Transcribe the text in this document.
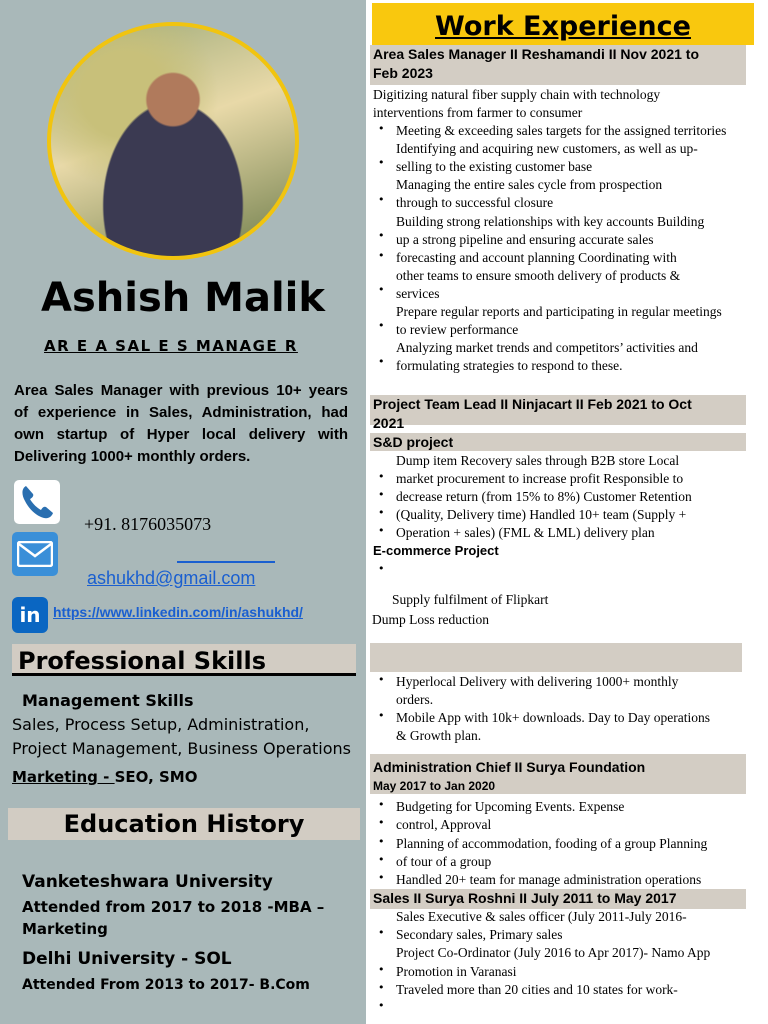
Ashish Malik
AR E A SAL E S MANAGE R
Area Sales Manager with previous 10+ years of experience in Sales, Administration, had own startup of Hyper local delivery with Delivering 1000+ monthly orders.
+91. 8176035073
ashukhd@gmail.com
in https://www.linkedin.com/in/ashukhd/
Professional Skills
Management Skills
Sales, Process Setup, Administration,
Project Management, Business Operations
Marketing - SEO, SMO
Education History
Vanketeshwara University
Attended from 2017 to 2018 -MBA –
Marketing
Delhi University - SOL
Attended From 2013 to 2017- B.Com
Work Experience
Area Sales Manager II Reshamandi II Nov 2021 to
Feb 2023
Digitizing natural fiber supply chain with technology
interventions from farmer to consumer
Meeting & exceeding sales targets for the assigned territories
Identifying and acquiring new customers, as well as up-
selling to the existing customer base
Managing the entire sales cycle from prospection
through to successful closure
Building strong relationships with key accounts Building
up a strong pipeline and ensuring accurate sales
forecasting and account planning Coordinating with
other teams to ensure smooth delivery of products &
services
Prepare regular reports and participating in regular meetings
to review performance
Analyzing market trends and competitors’ activities and
formulating strategies to respond to these.
•
•
•
•
•
•
•
•
Project Team Lead II Ninjacart II Feb 2021 to Oct
2021
S&D project
Dump item Recovery sales through B2B store Local
market procurement to increase profit Responsible to
decrease return (from 15% to 8%) Customer Retention
(Quality, Delivery time) Handled 10+ team (Supply +
Operation + sales) (FML & LML) delivery plan
•
•
•
•
E-commerce Project
•
Supply fulfilment of Flipkart
Dump Loss reduction
Hyperlocal Delivery with delivering 1000+ monthly
orders.
Mobile App with 10k+ downloads. Day to Day operations
& Growth plan.
•
•
Administration Chief II Surya Foundation
May 2017 to Jan 2020
Budgeting for Upcoming Events. Expense
control, Approval
Planning of accommodation, fooding of a group Planning
of tour of a group
Handled 20+ team for manage administration operations
•
•
•
•
•
Sales II Surya Roshni II July 2011 to May 2017
Sales Executive & sales officer (July 2011-July 2016-
Secondary sales, Primary sales
Project Co-Ordinator (July 2016 to Apr 2017)- Namo App
Promotion in Varanasi
Traveled more than 20 cities and 10 states for work-
•
•
•
•
